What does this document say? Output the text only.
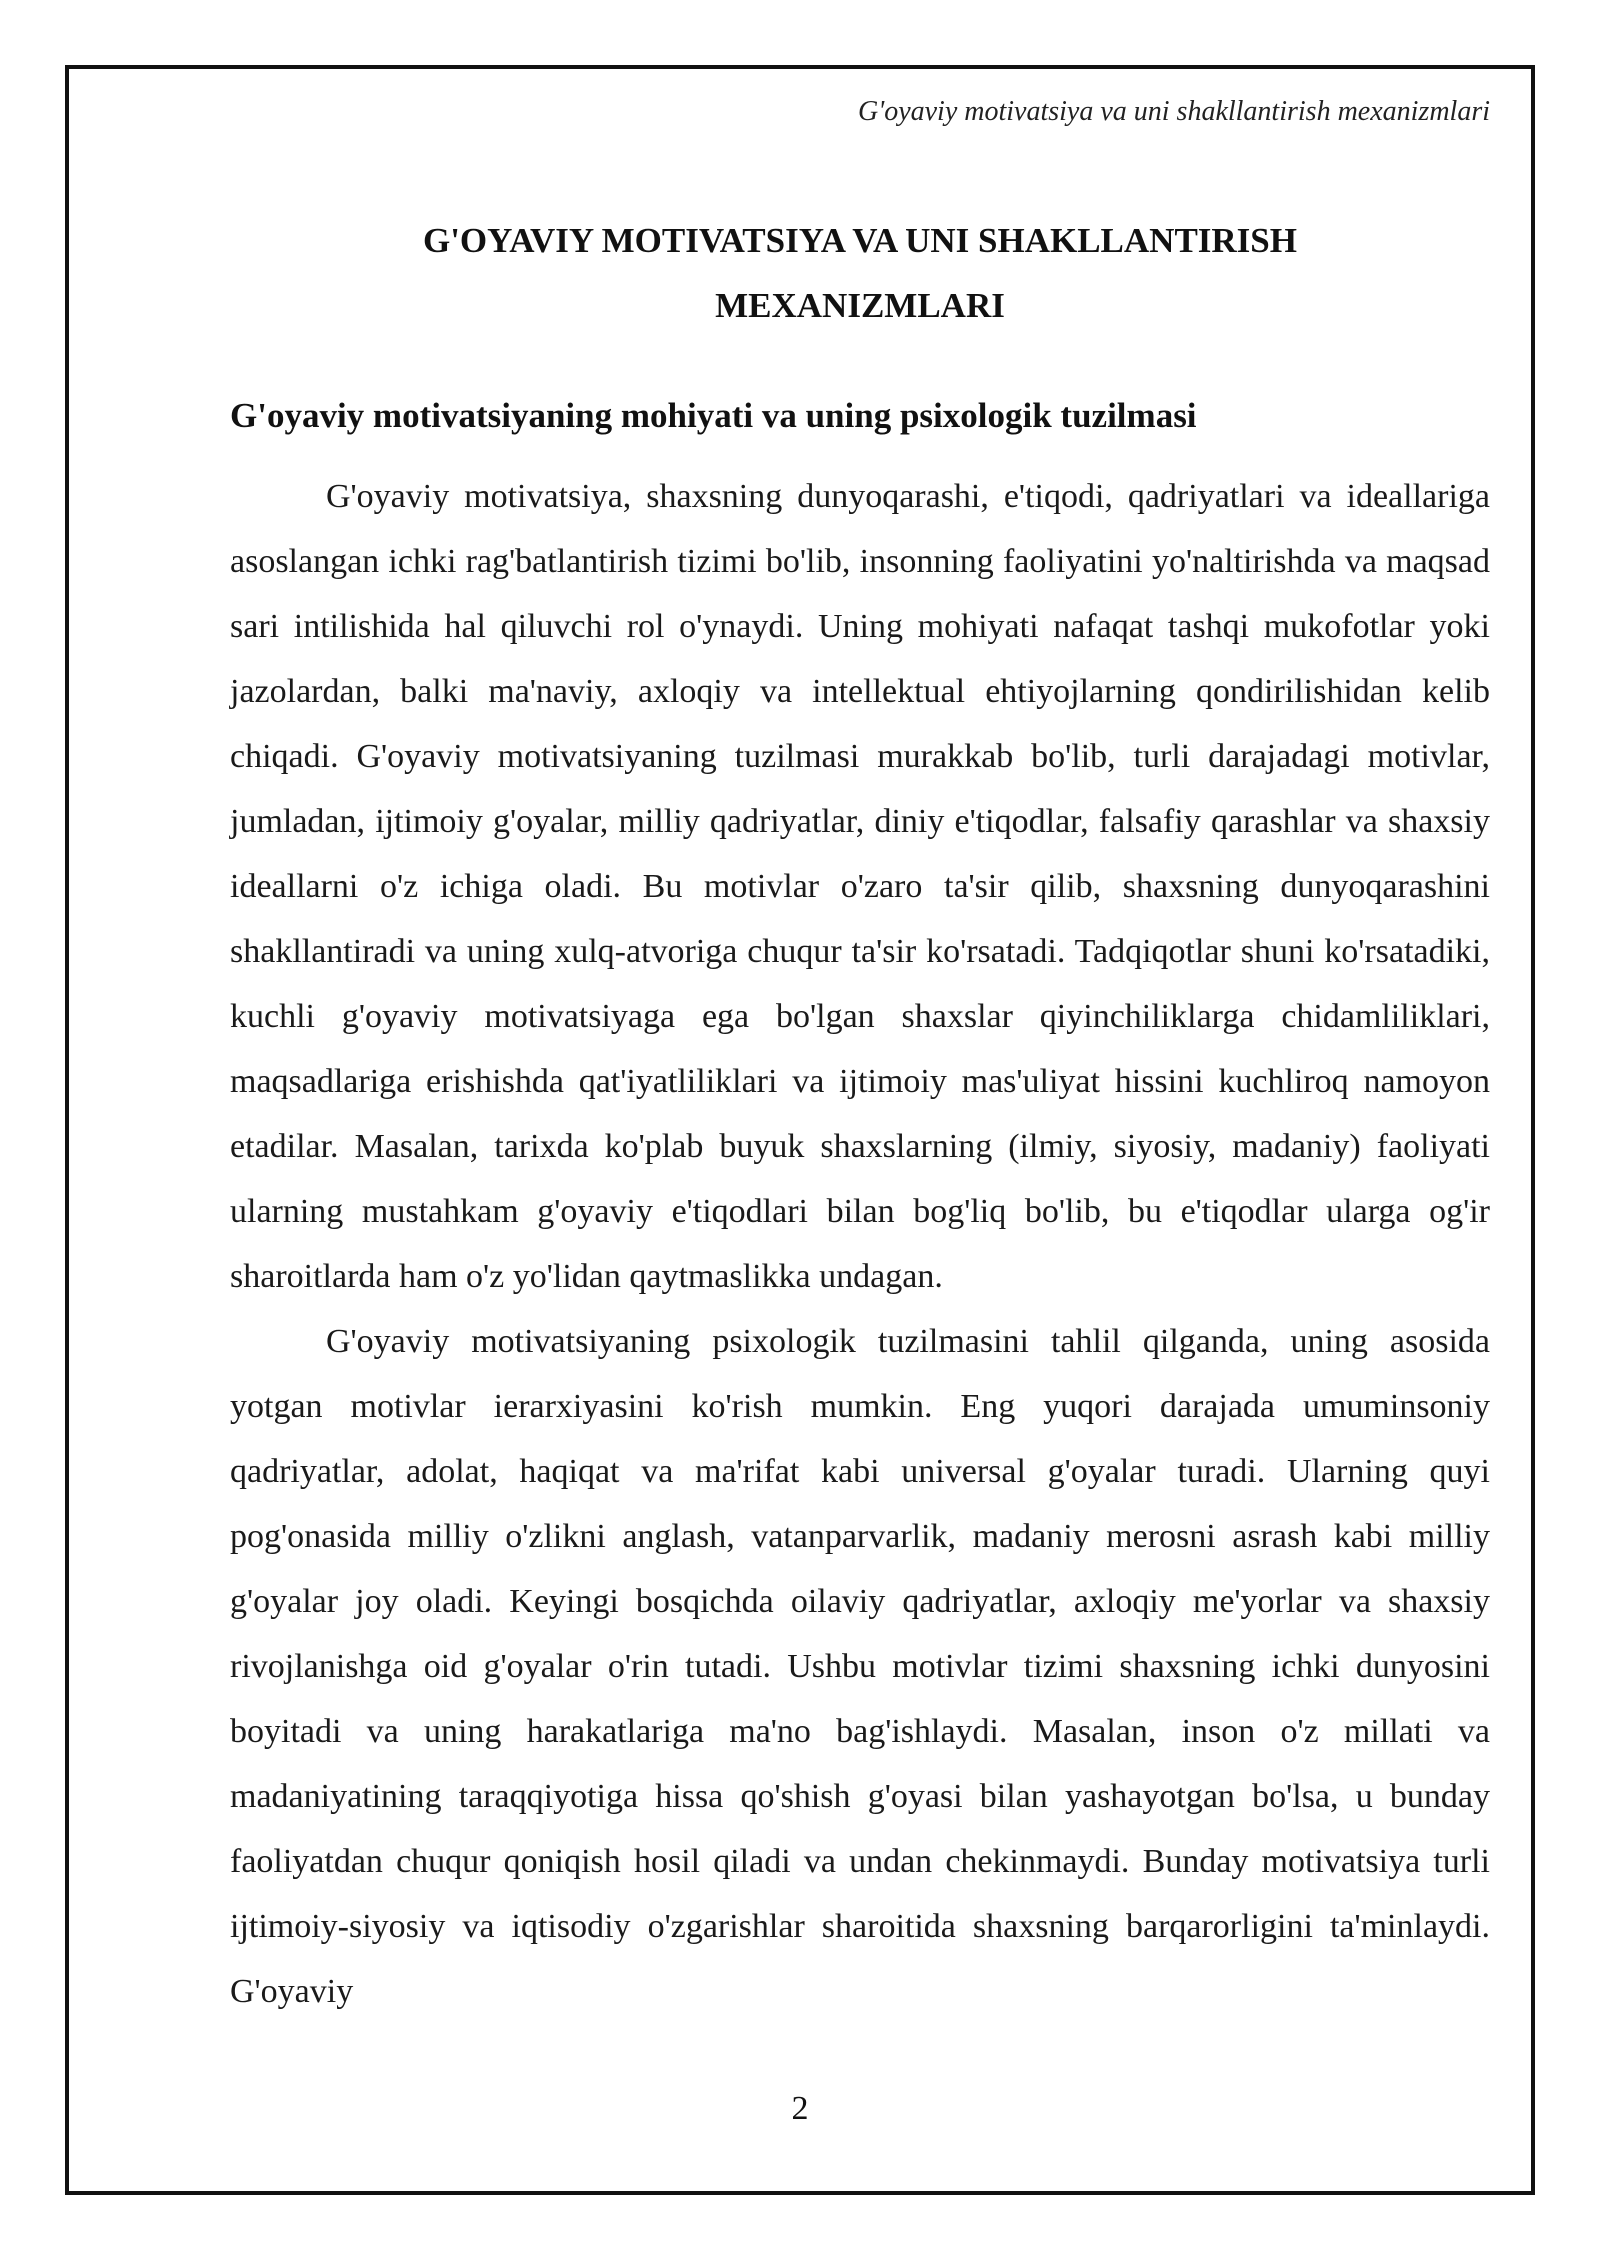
G'oyaviy motivatsiya va uni shakllantirish mexanizmlari
G'OYAVIY MOTIVATSIYA VA UNI SHAKLLANTIRISH
MEXANIZMLARI
G'oyaviy motivatsiyaning mohiyati va uning psixologik tuzilmasi

G'oyaviy motivatsiya, shaxsning dunyoqarashi, e'tiqodi, qadriyatlari va ideallariga asoslangan ichki rag'batlantirish tizimi bo'lib, insonning faoliyatini yo'naltirishda va maqsad sari intilishida hal qiluvchi rol o'ynaydi. Uning mohiyati nafaqat tashqi mukofotlar yoki jazolardan, balki ma'naviy, axloqiy va intellektual ehtiyojlarning qondirilishidan kelib chiqadi. G'oyaviy motivatsiyaning tuzilmasi murakkab bo'lib, turli darajadagi motivlar, jumladan, ijtimoiy g'oyalar, milliy qadriyatlar, diniy e'tiqodlar, falsafiy qarashlar va shaxsiy ideallarni o'z ichiga oladi. Bu motivlar o'zaro ta'sir qilib, shaxsning dunyoqarashini shakllantiradi va uning xulq-atvoriga chuqur ta'sir ko'rsatadi. Tadqiqotlar shuni ko'rsatadiki, kuchli g'oyaviy motivatsiyaga ega bo'lgan shaxslar qiyinchiliklarga chidamliliklari, maqsadlariga erishishda qat'iyatliliklari va ijtimoiy mas'uliyat hissini kuchliroq namoyon etadilar. Masalan, tarixda ko'plab buyuk shaxslarning (ilmiy, siyosiy, madaniy) faoliyati ularning mustahkam g'oyaviy e'tiqodlari bilan bog'liq bo'lib, bu e'tiqodlar ularga og'ir sharoitlarda ham o'z yo'lidan qaytmaslikka undagan.

G'oyaviy motivatsiyaning psixologik tuzilmasini tahlil qilganda, uning asosida yotgan motivlar ierarxiyasini ko'rish mumkin. Eng yuqori darajada umuminsoniy qadriyatlar, adolat, haqiqat va ma'rifat kabi universal g'oyalar turadi. Ularning quyi pog'onasida milliy o'zlikni anglash, vatanparvarlik, madaniy merosni asrash kabi milliy g'oyalar joy oladi. Keyingi bosqichda oilaviy qadriyatlar, axloqiy me'yorlar va shaxsiy rivojlanishga oid g'oyalar o'rin tutadi. Ushbu motivlar tizimi shaxsning ichki dunyosini boyitadi va uning harakatlariga ma'no bag'ishlaydi. Masalan, inson o'z millati va madaniyatining taraqqiyotiga hissa qo'shish g'oyasi bilan yashayotgan bo'lsa, u bunday faoliyatdan chuqur qoniqish hosil qiladi va undan chekinmaydi. Bunday motivatsiya turli ijtimoiy-siyosiy va iqtisodiy o'zgarishlar sharoitida shaxsning barqarorligini ta'minlaydi. G'oyaviy

2
